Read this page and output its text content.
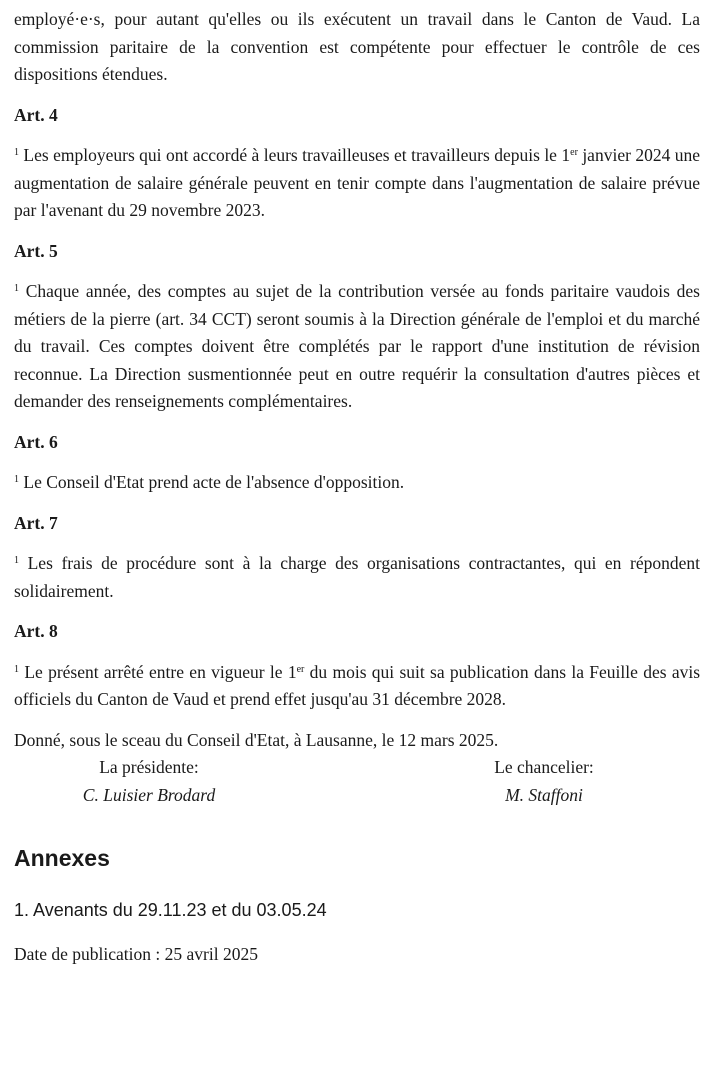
employé·e·s, pour autant qu'elles ou ils exécutent un travail dans le Canton de Vaud. La commission paritaire de la convention est compétente pour effectuer le contrôle de ces dispositions étendues.

Art. 4

$^1$ Les employeurs qui ont accordé à leurs travailleuses et travailleurs depuis le 1er janvier 2024 une augmentation de salaire générale peuvent en tenir compte dans l'augmentation de salaire prévue par l'avenant du 29 novembre 2023.

Art. 5

$^1$ Chaque année, des comptes au sujet de la contribution versée au fonds paritaire vaudois des métiers de la pierre (art. 34 CCT) seront soumis à la Direction générale de l'emploi et du marché du travail. Ces comptes doivent être complétés par le rapport d'une institution de révision reconnue. La Direction susmentionnée peut en outre requérir la consultation d'autres pièces et demander des renseignements complémentaires.

Art. 6

$^1$ Le Conseil d'Etat prend acte de l'absence d'opposition.

Art. 7

$^1$ Les frais de procédure sont à la charge des organisations contractantes, qui en répondent solidairement.

Art. 8

$^1$ Le présent arrêté entre en vigueur le 1er du mois qui suit sa publication dans la Feuille des avis officiels du Canton de Vaud et prend effet jusqu'au 31 décembre 2028.

Donné, sous le sceau du Conseil d'Etat, à Lausanne, le 12 mars 2025.

La présidente:	Le chancelier:
C. Luisier Brodard	M. Staffoni
Annexes

1. Avenants du 29.11.23 et du 03.05.24

Date de publication : 25 avril 2025
